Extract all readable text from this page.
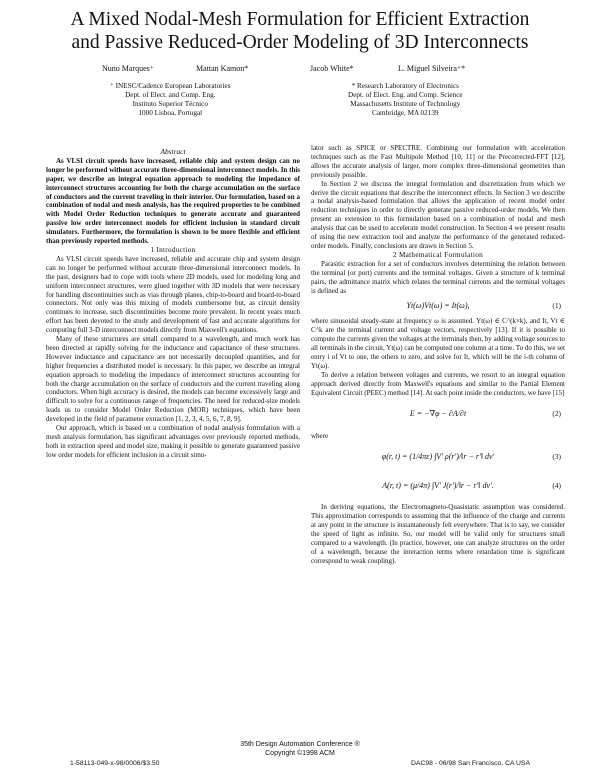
A Mixed Nodal-Mesh Formulation for Efficient Extraction
and Passive Reduced-Order Modeling of 3D Interconnects
Nuno Marques⁺	Mattan Kamon*	Jacob White*	L. Miguel Silveira⁺*
⁺ INESC/Cadence European Laboratories
Dept. of Elect. and Comp. Eng.
Instituto Superior Técnico
1000 Lisboa, Portugal
* Research Laboratory of Electronics
Dept. of Elect. Eng. and Comp. Science
Massachusetts Institute of Technology
Cambridge, MA 02139

Abstract

As VLSI circuit speeds have increased, reliable chip and system design can no longer be performed without accurate three-dimensional interconnect models. In this paper, we describe an integral equation approach to modeling the impedance of interconnect structures accounting for both the charge accumulation on the surface of conductors and the current traveling in their interior. Our formulation, based on a combination of nodal and mesh analysis, has the required properties to be combined with Model Order Reduction techniques to generate accurate and guaranteed passive low order interconnect models for efficient inclusion in standard circuit simulators. Furthermore, the formulation is shown to be more flexible and efficient than previously reported methods.

1 Introduction

As VLSI circuit speeds have increased, reliable and accurate chip and system design can no longer be performed without accurate three-dimensional interconnect models. In the past, designers had to cope with tools where 2D models, used for modeling long and uniform interconnect structures, were glued together with 3D models that were necessary for handling discontinuities such as vias through planes, chip-to-board and board-to-board connectors. Not only was this mixing of models cumbersome but, as circuit density continues to increase, such discontinuities become more prevalent. In recent years much effort has been devoted to the study and development of fast and accurate algorithms for computing full 3-D interconnect models directly from Maxwell's equations.

Many of these structures are small compared to a wavelength, and much work has been directed at rapidly solving for the inductance and capacitance of these structures. However inductance and capacitance are not necessarily decoupled quantities, and for higher frequencies a distributed model is necessary. In this paper, we describe an integral equation approach to modeling the impedance of interconnect structures accounting for both the charge accumulation on the surface of conductors and the current traveling along conductors. When high accuracy is desired, the models can become excessively large and difficult to solve for a continuous range of frequencies. The need for reduced-size models leads us to consider Model Order Reduction (MOR) techniques, which have been developed in the field of parameter extraction [1, 2, 3, 4, 5, 6, 7, 8, 9].

Our approach, which is based on a combination of nodal analysis formulation with a mesh analysis formulation, has significant advantages over previously reported methods, both in extraction speed and model size, making it possible to generate guaranteed passive low order models for efficient inclusion in a circuit simu-

lator such as SPICE or SPECTRE. Combining our formulation with acceleration techniques such as the Fast Multipole Method [10, 11] or the Precorrected-FFT [12], allows the accurate analysis of larger, more complex three-dimensional geometries than previously possible.

In Section 2 we discuss the integral formulation and discretization from which we derive the circuit equations that describe the interconnect effects. In Section 3 we describe a nodal analysis-based formulation that allows the application of recent model order reduction techniques in order to directly generate passive reduced-order models. We then present an extension to this formulation based on a combination of nodal and mesh analysis that can be used to accelerate model construction. In Section 4 we present results of using the new extraction tool and analyze the performance of the generated reduced-order models. Finally, conclusions are drawn in Section 5.

2 Mathematical Formulation

Parasitic extraction for a set of conductors involves determining the relation between the terminal (or port) currents and the terminal voltages. Given a structure of k terminal pairs, the admittance matrix which relates the terminal currents and the terminal voltages is defined as

Yt(ω)Vt(ω) = It(ω),	(1)

where sinusoidal steady-state at frequency ω is assumed. Yt(ω) ∈ C^(k×k), and It, Vt ∈ C^k are the terminal current and voltage vectors, respectively [13]. If it is possible to compute the currents given the voltages at the terminals then, by adding voltage sources to all terminals in the circuit, Yt(ω) can be computed one column at a time. To do this, we set entry i of Vt to one, the others to zero, and solve for It, which will be the i-th column of Yt(ω).

To derive a relation between voltages and currents, we resort to an integral equation approach derived directly from Maxwell's equations and similar to the Partial Element Equivalent Circuit (PEEC) method [14]. At each point inside the conductors, we have [15]

E = −∇φ − ∂A/∂t	(2)

where

φ(r, t) = (1/4πε) ∫V' ρ(r')/‖r − r'‖ dv'	(3)
A(r, t) = (μ/4π) ∫V' J(r')/‖r − r'‖ dv'.	(4)

In deriving equations, the Electromagneto-Quasistatic assumption was considered. This approximation corresponds to assuming that the influence of the charge and currents at any point in the structure is instantaneously felt everywhere. That is to say, we consider the speed of light as infinite. So, our model will be valid only for structures small compared to a wavelength. (In practice, however, one can analyze structures on the order of a wavelength, because the interaction terms where retardation time is significant correspond to weak coupling).

35th Design Automation Conference ®
Copyright ©1998 ACM
1-58113-049-x-98/0006/$3.50	DAC98 - 06/98 San Francisco, CA USA
